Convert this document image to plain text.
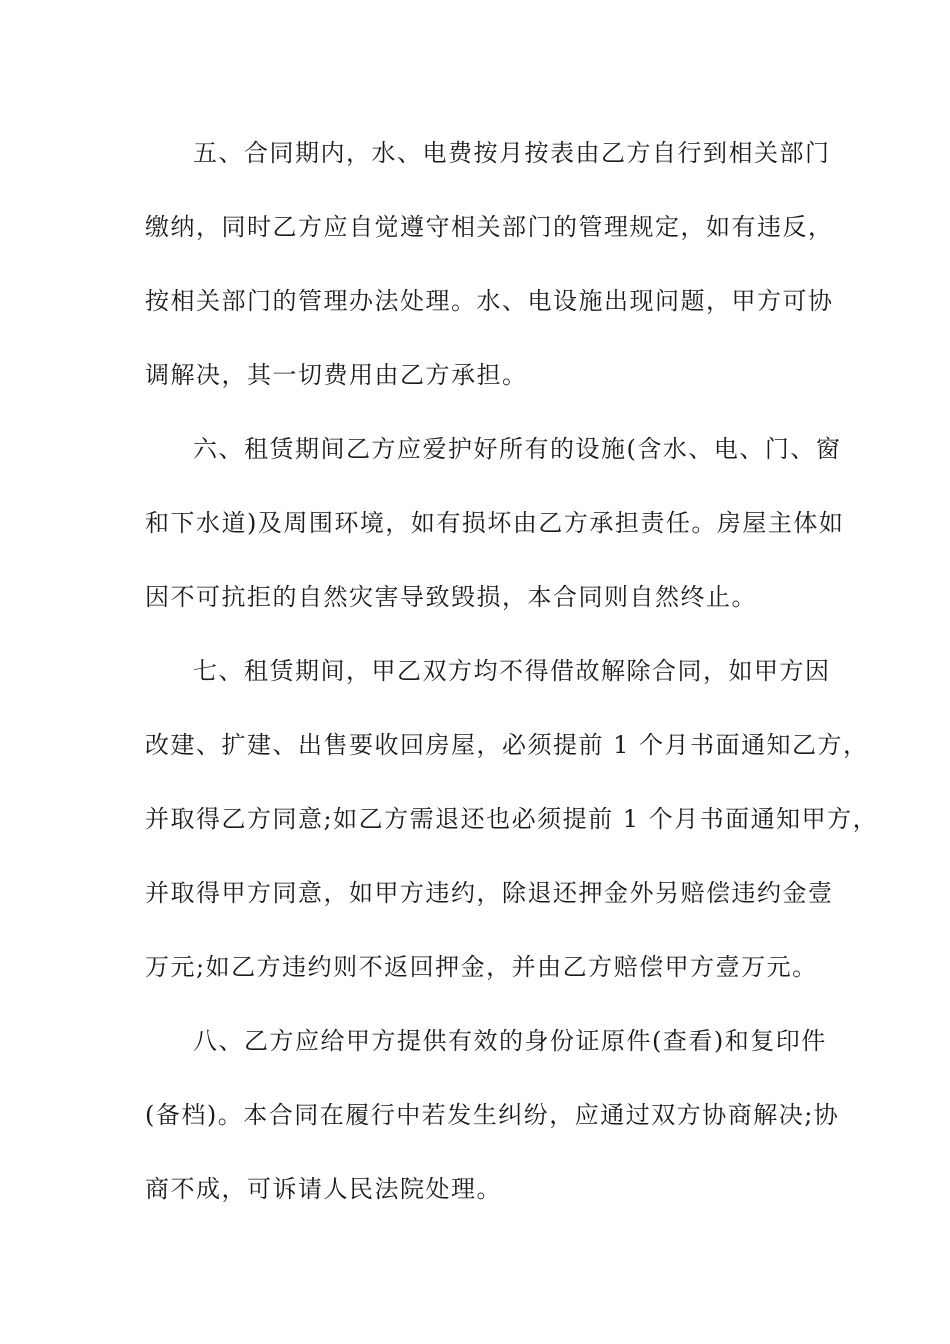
五、合同期内，水、电费按月按表由乙方自行到相关部门
缴纳，同时乙方应自觉遵守相关部门的管理规定，如有违反，
按相关部门的管理办法处理。水、电设施出现问题，甲方可协
调解决，其一切费用由乙方承担。
六、租赁期间乙方应爱护好所有的设施(含水、电、门、窗
和下水道)及周围环境，如有损坏由乙方承担责任。房屋主体如
因不可抗拒的自然灾害导致毁损，本合同则自然终止。
七、租赁期间，甲乙双方均不得借故解除合同，如甲方因
改建、扩建、出售要收回房屋，必须提前 1 个月书面通知乙方，
并取得乙方同意;如乙方需退还也必须提前 1 个月书面通知甲方，
并取得甲方同意，如甲方违约，除退还押金外另赔偿违约金壹
万元;如乙方违约则不返回押金，并由乙方赔偿甲方壹万元。
八、乙方应给甲方提供有效的身份证原件(查看)和复印件
(备档)。本合同在履行中若发生纠纷，应通过双方协商解决;协
商不成，可诉请人民法院处理。
